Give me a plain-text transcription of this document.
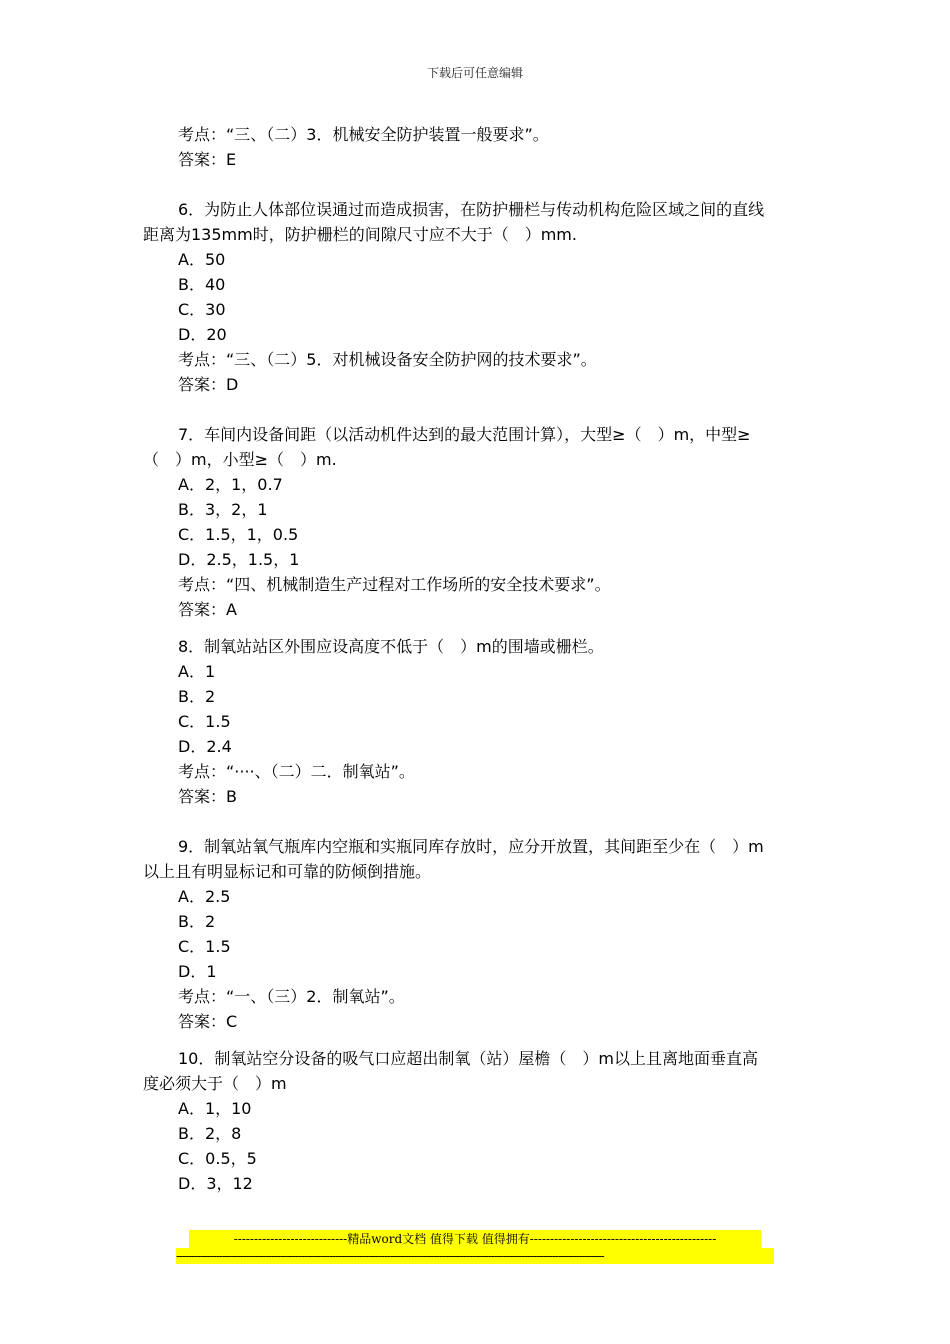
下载后可任意编辑
考点：“三、（二）3．机械安全防护装置一般要求”。
答案：E
6．为防止人体部位误通过而造成损害，在防护栅栏与传动机构危险区域之间的直线
距离为135mm时，防护栅栏的间隙尺寸应不大于（　）mm.
A．50
B．40
C．30
D．20
考点：“三、（二）5．对机械设备安全防护网的技术要求”。
答案：D
7．车间内设备间距（以活动机件达到的最大范围计算），大型≥（　）m，中型≥
（　）m，小型≥（　）m.
A．2，1，0.7
B．3，2，1
C．1.5，1，0.5
D．2.5，1.5，1
考点：“四、机械制造生产过程对工作场所的安全技术要求”。
答案：A
8．制氧站站区外围应设高度不低于（　）m的围墙或栅栏。
A．1
B．2
C．1.5
D．2.4
考点：“····、（二）二．制氧站”。
答案：B
9．制氧站氧气瓶库内空瓶和实瓶同库存放时，应分开放置，其间距至少在（　）m
以上且有明显标记和可靠的防倾倒措施。
A．2.5
B．2
C．1.5
D．1
考点：“一、（三）2．制氧站”。
答案：C
10．制氧站空分设备的吸气口应超出制氧（站）屋檐（　）m以上且离地面垂直高
度必须大于（　）m
A．1，10
B．2，8
C．0.5，5
D．3，12
----------------------------精品word文档 值得下载 值得拥有----------------------------------------------
--------------------------------------------------------------------------------------------------------------------------------------------
